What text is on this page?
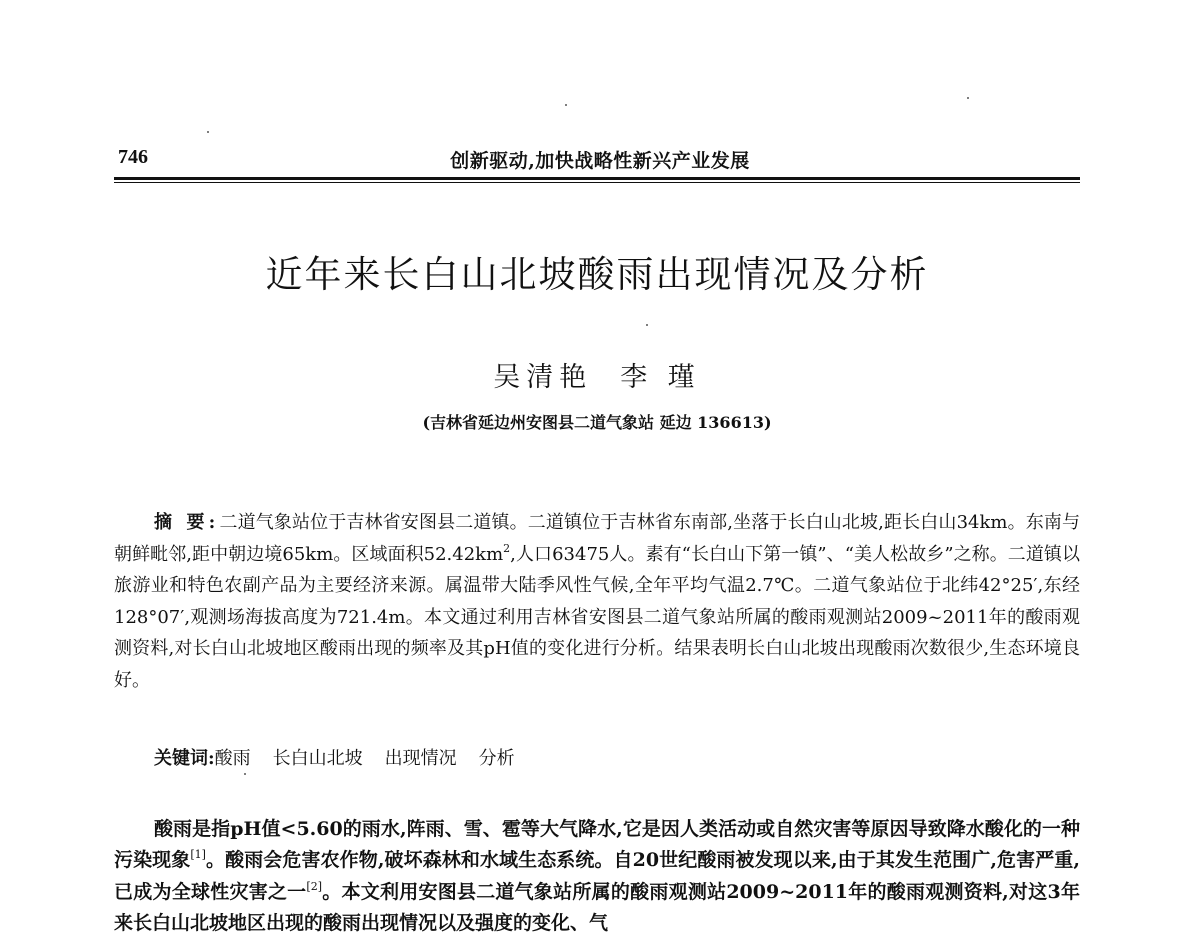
746	创新驱动,加快战略性新兴产业发展
近年来长白山北坡酸雨出现情况及分析
吴清艳 李 瑾
(吉林省延边州安图县二道气象站 延边 136613)
摘 要:二道气象站位于吉林省安图县二道镇。二道镇位于吉林省东南部,坐落于长白山北坡,距长白山34km。东南与朝鲜毗邻,距中朝边境65km。区域面积$52.42km^2$,人口63475人。素有“长白山下第一镇”、“美人松故乡”之称。二道镇以旅游业和特色农副产品为主要经济来源。属温带大陆季风性气候,全年平均气温2.7℃。二道气象站位于北纬42°25′,东经128°07′,观测场海拔高度为721.4m。本文通过利用吉林省安图县二道气象站所属的酸雨观测站2009~2011年的酸雨观测资料,对长白山北坡地区酸雨出现的频率及其pH值的变化进行分析。结果表明长白山北坡出现酸雨次数很少,生态环境良好。
关键词:酸雨 长白山北坡 出现情况 分析
酸雨是指pH值<5.60的雨水,阵雨、雪、雹等大气降水,它是因人类活动或自然灾害等原因导致降水酸化的一种污染现象[1]。酸雨会危害农作物,破坏森林和水域生态系统。自20世纪酸雨被发现以来,由于其发生范围广,危害严重,已成为全球性灾害之一[2]。本文利用安图县二道气象站所属的酸雨观测站2009~2011年的酸雨观测资料,对这3年来长白山北坡地区出现的酸雨出现情况以及强度的变化、气
